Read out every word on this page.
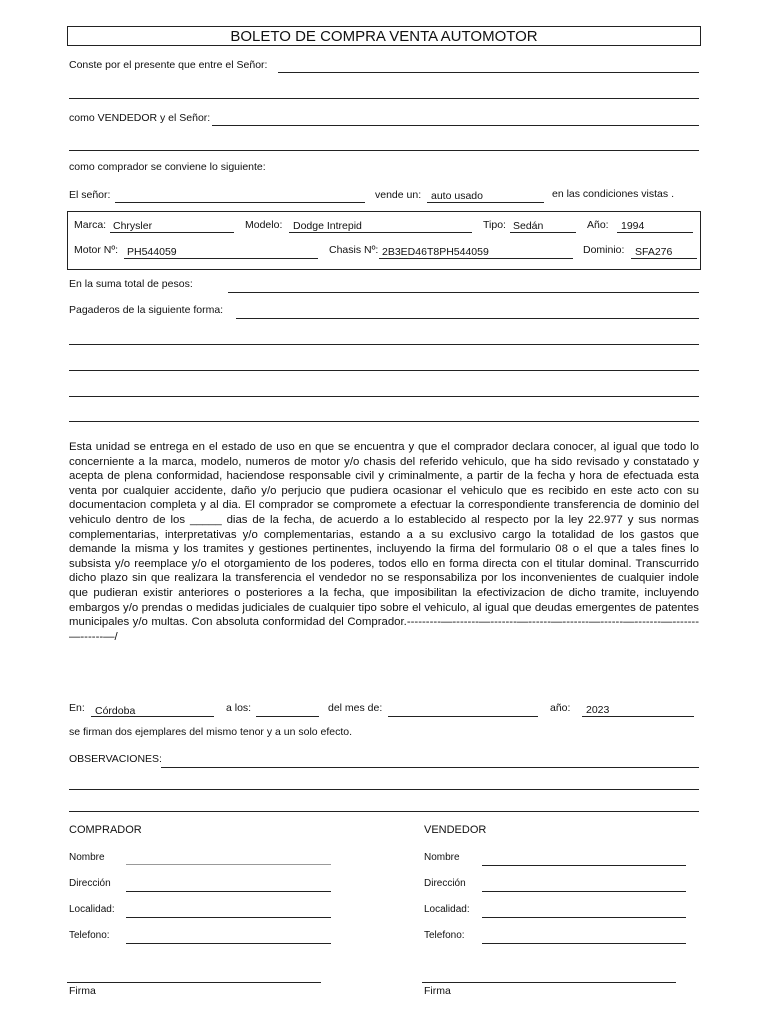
BOLETO DE COMPRA VENTA AUTOMOTOR
Conste por el presente que entre el Señor:
como VENDEDOR y el Señor:
como comprador se conviene lo siguiente:
El señor:	vende un: auto usado	en las condiciones vistas .
Marca: Chrysler	Modelo: Dodge Intrepid	Tipo: Sedán	Año: 1994
Motor Nº: PH544059	Chasis Nº: 2B3ED46T8PH544059	Dominio: SFA276
En la suma total de pesos:
Pagaderos de la siguiente forma:
Esta unidad se entrega en el estado de uso en que se encuentra y que el comprador declara conocer, al igual que todo lo concerniente a la marca, modelo, numeros de motor y/o chasis del referido vehiculo, que ha sido revisado y constatado y acepta de plena conformidad, haciendose responsable civil y criminalmente, a partir de la fecha y hora de efectuada esta venta por cualquier accidente, daño y/o perjucio que pudiera ocasionar el vehiculo que es recibido en este acto con su documentacion completa y al dia. El comprador se compromete a efectuar la correspondiente transferencia de dominio del vehiculo dentro de los _____ dias de la fecha, de acuerdo a lo establecido al respecto por la ley 22.977 y sus normas complementarias, interpretativas y/o complementarias, estando a a su exclusivo cargo la totalidad de los gastos que demande la misma y los tramites y gestiones pertinentes, incluyendo la firma del formulario 08 o el que a tales fines lo subsista y/o reemplace y/o el otorgamiento de los poderes, todos ello en forma directa con el titular dominal. Transcurrido dicho plazo sin que realizara la transferencia el vendedor no se responsabiliza por los inconvenientes de cualquier indole que pudieran existir anteriores o posteriores a la fecha, que imposibilitan la efectivizacion de dicho tramite, incluyendo embargos y/o prendas o medidas judiciales de cualquier tipo sobre el vehiculo, al igual que deudas emergentes de patentes municipales y/o multas. Con absoluta conformidad del Comprador.---------—-------—-------—------—-------—------—-------—-------—------—/
En: Córdoba	a los:	del mes de:	año: 2023
se firman dos ejemplares del mismo tenor y a un solo efecto.
OBSERVACIONES:
COMPRADOR
Nombre
Dirección
Localidad:
Telefono:
Firma
VENDEDOR
Nombre
Dirección
Localidad:
Telefono:
Firma
